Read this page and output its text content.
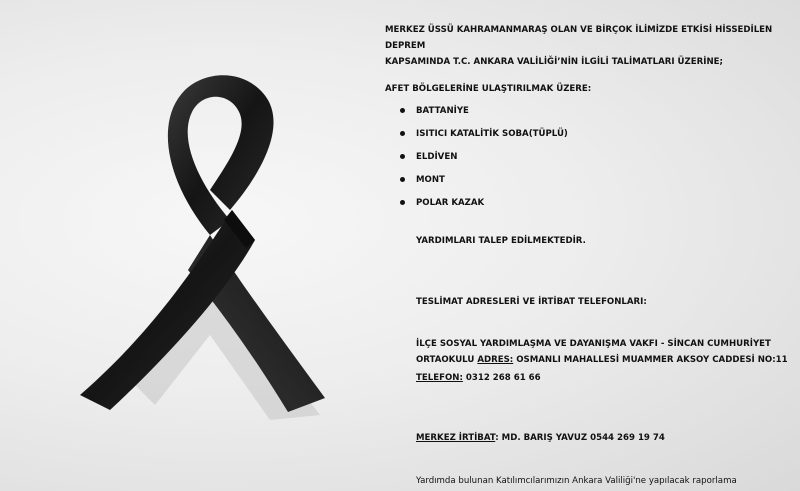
MERKEZ ÜSSÜ KAHRAMANMARAŞ OLAN VE BİRÇOK İLİMİZDE ETKİSİ HİSSEDİLEN DEPREM
KAPSAMINDA T.C. ANKARA VALİLİĞİ’NİN İLGİLİ TALİMATLARI ÜZERİNE;
AFET BÖLGELERİNE ULAŞTIRILMAK ÜZERE:
BATTANİYE
ISITICI KATALİTİK SOBA(TÜPLÜ)
ELDİVEN
MONT
POLAR KAZAK
YARDIMLARI TALEP EDİLMEKTEDİR.
TESLİMAT ADRESLERİ VE İRTİBAT TELEFONLARI:
İLÇE SOSYAL YARDIMLAŞMA VE DAYANIŞMA VAKFI - SİNCAN CUMHURİYET
ORTAOKULU ADRES: OSMANLI MAHALLESİ MUAMMER AKSOY CADDESİ NO:11
TELEFON: 0312 268 61 66
MERKEZ İRTİBAT: MD. BARIŞ YAVUZ 0544 269 19 74
Yardımda bulunan Katılımcılarımızın Ankara Valiliği'ne yapılacak raporlama
